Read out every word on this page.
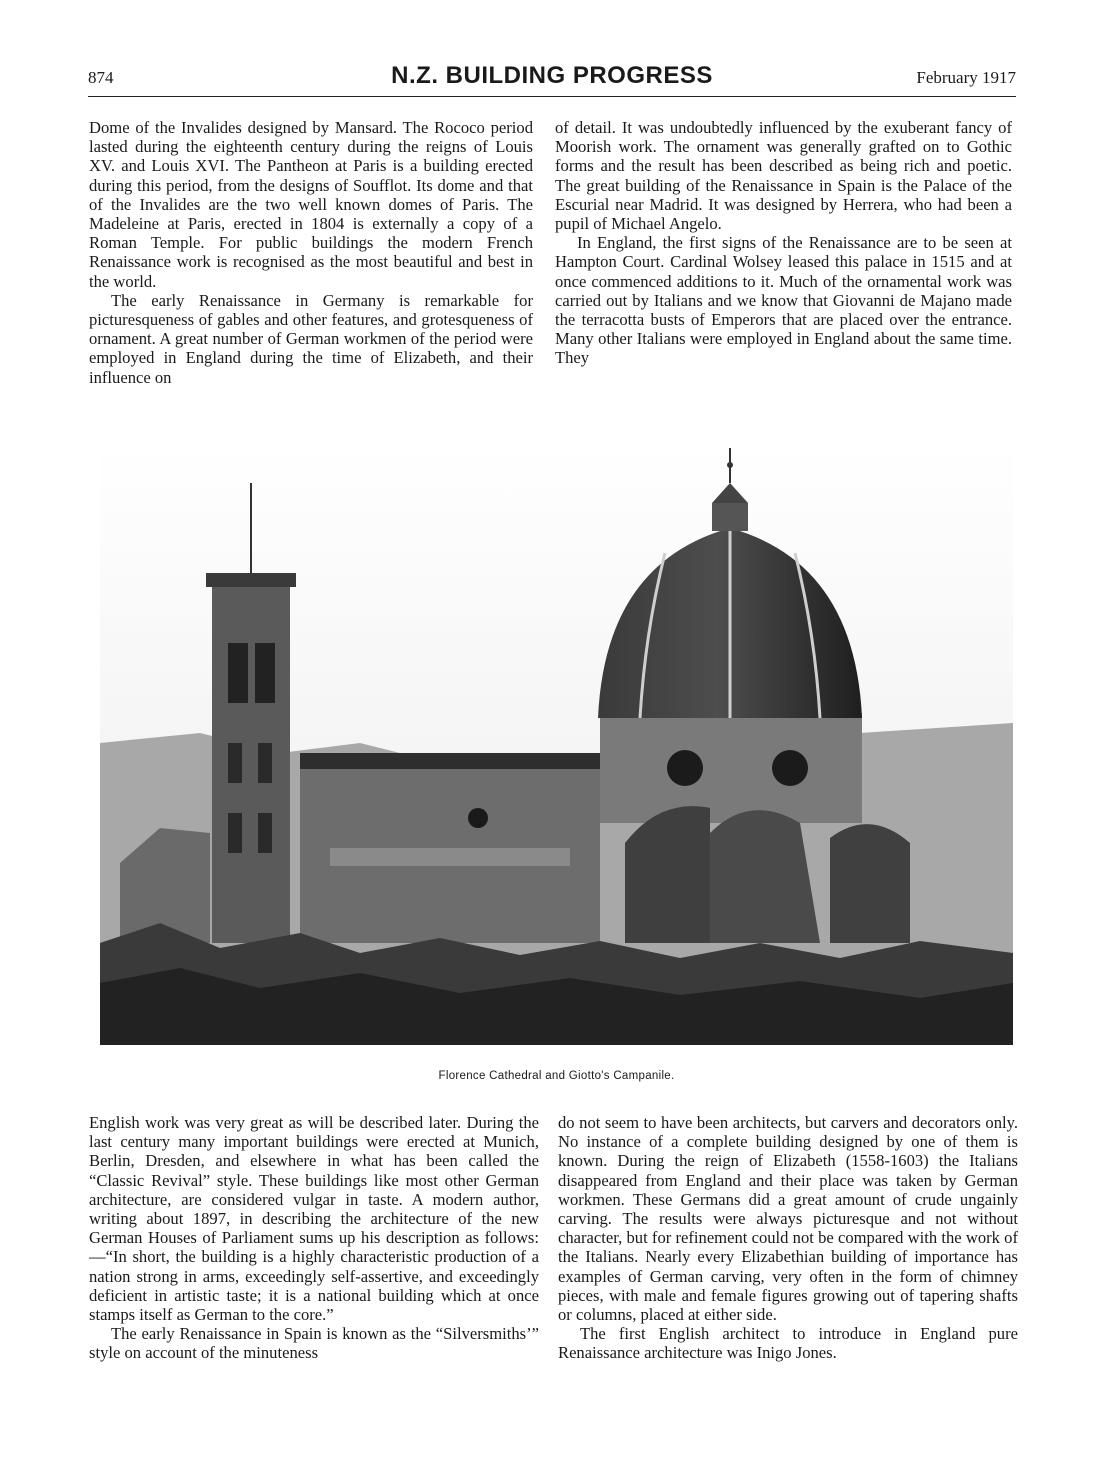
874	N.Z. BUILDING PROGRESS	February 1917

Dome of the Invalides designed by Mansard. The Rococo period lasted during the eighteenth century during the reigns of Louis XV. and Louis XVI. The Pantheon at Paris is a building erected during this period, from the designs of Soufflot. Its dome and that of the Invalides are the two well known domes of Paris. The Madeleine at Paris, erected in 1804 is externally a copy of a Roman Temple. For public buildings the modern French Renaissance work is recognised as the most beautiful and best in the world.

The early Renaissance in Germany is remarkable for picturesqueness of gables and other features, and grotesqueness of ornament. A great number of German workmen of the period were employed in England during the time of Elizabeth, and their influence on

of detail. It was undoubtedly influenced by the exuberant fancy of Moorish work. The ornament was generally grafted on to Gothic forms and the result has been described as being rich and poetic. The great building of the Renaissance in Spain is the Palace of the Escurial near Madrid. It was designed by Herrera, who had been a pupil of Michael Angelo.

In England, the first signs of the Renaissance are to be seen at Hampton Court. Cardinal Wolsey leased this palace in 1515 and at once commenced additions to it. Much of the ornamental work was carried out by Italians and we know that Giovanni de Majano made the terracotta busts of Emperors that are placed over the entrance. Many other Italians were employed in England about the same time. They

Florence Cathedral and Giotto's Campanile.

English work was very great as will be described later. During the last century many important buildings were erected at Munich, Berlin, Dresden, and elsewhere in what has been called the “Classic Revival” style. These buildings like most other German architecture, are considered vulgar in taste. A modern author, writing about 1897, in describing the architecture of the new German Houses of Parliament sums up his description as follows:—“In short, the building is a highly characteristic production of a nation strong in arms, exceedingly self-assertive, and exceedingly deficient in artistic taste; it is a national building which at once stamps itself as German to the core.”

The early Renaissance in Spain is known as the “Silversmiths’” style on account of the minuteness

do not seem to have been architects, but carvers and decorators only. No instance of a complete building designed by one of them is known. During the reign of Elizabeth (1558-1603) the Italians disappeared from England and their place was taken by German workmen. These Germans did a great amount of crude ungainly carving. The results were always picturesque and not without character, but for refinement could not be compared with the work of the Italians. Nearly every Elizabethian building of importance has examples of German carving, very often in the form of chimney pieces, with male and female figures growing out of tapering shafts or columns, placed at either side.

The first English architect to introduce in England pure Renaissance architecture was Inigo Jones.
